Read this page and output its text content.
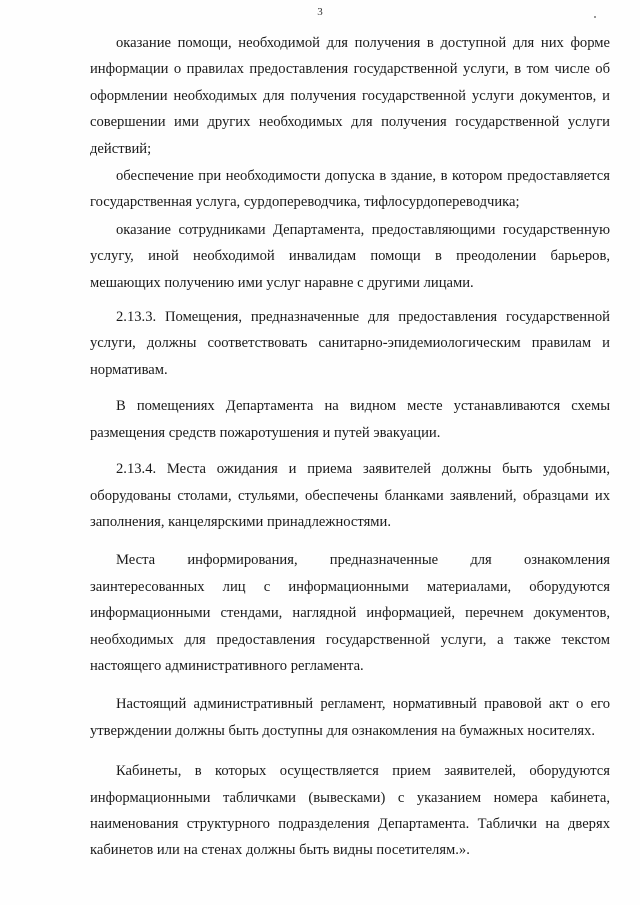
3

оказание помощи, необходимой для получения в доступной для них форме информации о правилах предоставления государственной услуги, в том числе об оформлении необходимых для получения государственной услуги документов, и совершении ими других необходимых для получения государственной услуги действий;

обеспечение при необходимости допуска в здание, в котором предоставляется государственная услуга, сурдопереводчика, тифлосурдопереводчика;

оказание сотрудниками Департамента, предоставляющими государственную услугу, иной необходимой инвалидам помощи в преодолении барьеров, мешающих получению ими услуг наравне с другими лицами.

2.13.3. Помещения, предназначенные для предоставления государственной услуги, должны соответствовать санитарно-эпидемиологическим правилам и нормативам.

В помещениях Департамента на видном месте устанавливаются схемы размещения средств пожаротушения и путей эвакуации.

2.13.4. Места ожидания и приема заявителей должны быть удобными, оборудованы столами, стульями, обеспечены бланками заявлений, образцами их заполнения, канцелярскими принадлежностями.

Места информирования, предназначенные для ознакомления заинтересованных лиц с информационными материалами, оборудуются информационными стендами, наглядной информацией, перечнем документов, необходимых для предоставления государственной услуги, а также текстом настоящего административного регламента.

Настоящий административный регламент, нормативный правовой акт о его утверждении должны быть доступны для ознакомления на бумажных носителях.

Кабинеты, в которых осуществляется прием заявителей, оборудуются информационными табличками (вывесками) с указанием номера кабинета, наименования структурного подразделения Департамента. Таблички на дверях кабинетов или на стенах должны быть видны посетителям.».
